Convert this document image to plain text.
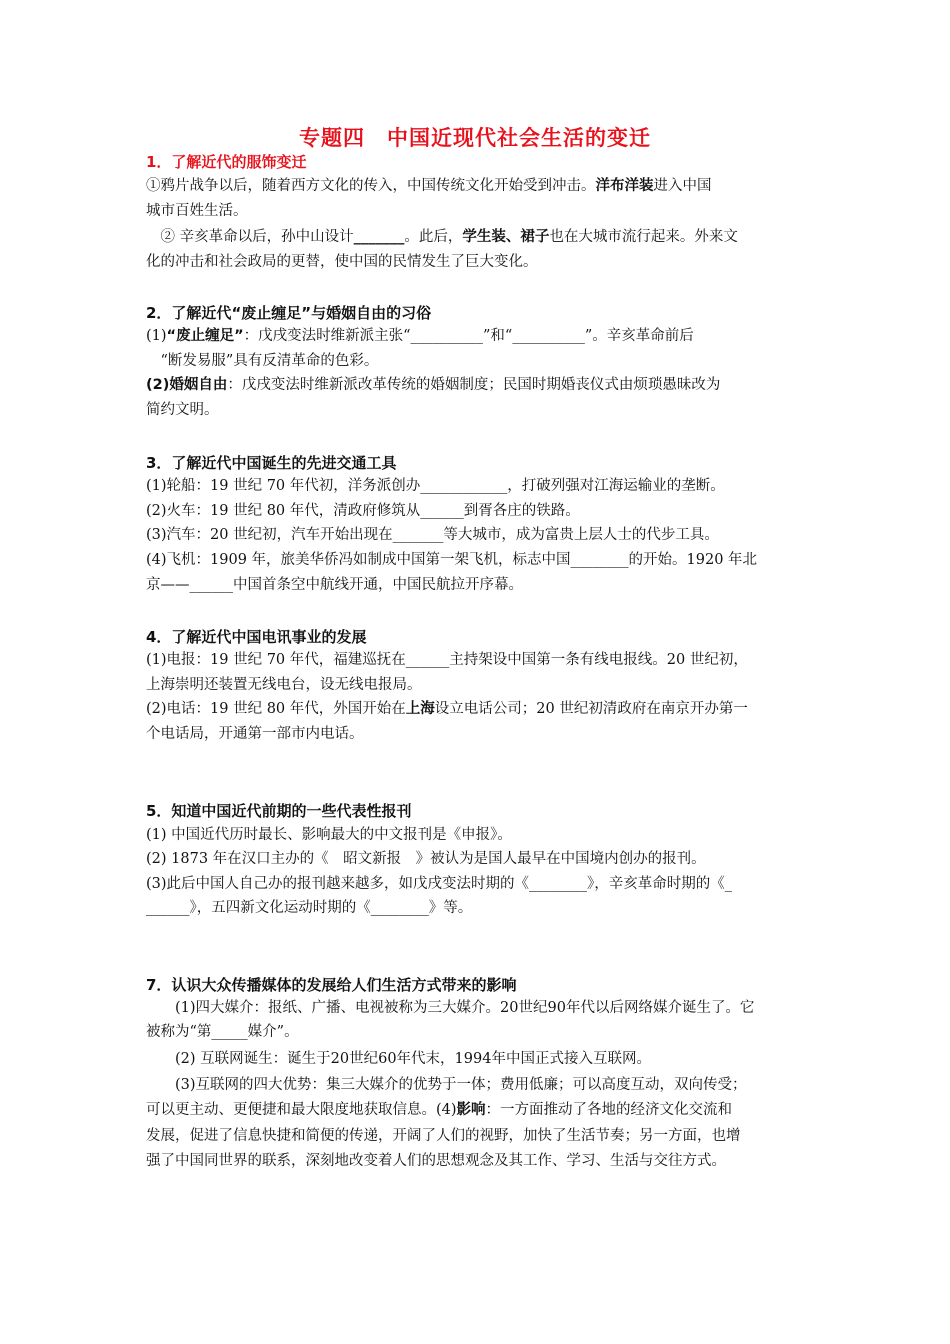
专题四　中国近现代社会生活的变迁
1．了解近代的服饰变迁
①鸦片战争以后，随着西方文化的传入，中国传统文化开始受到冲击。洋布洋装进入中国
城市百姓生活。
　② 辛亥革命以后，孙中山设计_______。此后，学生装、裙子也在大城市流行起来。外来文
化的冲击和社会政局的更替，使中国的民情发生了巨大变化。
2．了解近代“废止缠足”与婚姻自由的习俗
(1)“废止缠足”：戊戌变法时维新派主张“__________”和“__________”。辛亥革命前后
　“断发易服”具有反清革命的色彩。
(2)婚姻自由：戊戌变法时维新派改革传统的婚姻制度；民国时期婚丧仪式由烦琐愚昧改为
简约文明。
3．了解近代中国诞生的先进交通工具
(1)轮船：19 世纪 70 年代初，洋务派创办____________，打破列强对江海运输业的垄断。
(2)火车：19 世纪 80 年代，清政府修筑从______到胥各庄的铁路。
(3)汽车：20 世纪初，汽车开始出现在_______等大城市，成为富贵上层人士的代步工具。
(4)飞机：1909 年，旅美华侨冯如制成中国第一架飞机，标志中国________的开始。1920 年北
京——______中国首条空中航线开通，中国民航拉开序幕。
4．了解近代中国电讯事业的发展
(1)电报：19 世纪 70 年代，福建巡抚在______主持架设中国第一条有线电报线。20 世纪初，
上海崇明还装置无线电台，设无线电报局。
(2)电话：19 世纪 80 年代，外国开始在上海设立电话公司；20 世纪初清政府在南京开办第一
个电话局，开通第一部市内电话。
5．知道中国近代前期的一些代表性报刊
(1) 中国近代历时最长、影响最大的中文报刊是《申报》。
(2) 1873 年在汉口主办的《　昭文新报　》被认为是国人最早在中国境内创办的报刊。
(3)此后中国人自己办的报刊越来越多，如戊戌变法时期的《________》，辛亥革命时期的《_
______》，五四新文化运动时期的《________》等。
7．认识大众传播媒体的发展给人们生活方式带来的影响
　　(1)四大媒介：报纸、广播、电视被称为三大媒介。20世纪90年代以后网络媒介诞生了。它
被称为“第_____媒介”。
　　(2) 互联网诞生：诞生于20世纪60年代末，1994年中国正式接入互联网。
　　(3)互联网的四大优势：集三大媒介的优势于一体；费用低廉；可以高度互动，双向传受；
可以更主动、更便捷和最大限度地获取信息。(4)影响：一方面推动了各地的经济文化交流和
发展，促进了信息快捷和简便的传递，开阔了人们的视野，加快了生活节奏；另一方面，也增
强了中国同世界的联系，深刻地改变着人们的思想观念及其工作、学习、生活与交往方式。
